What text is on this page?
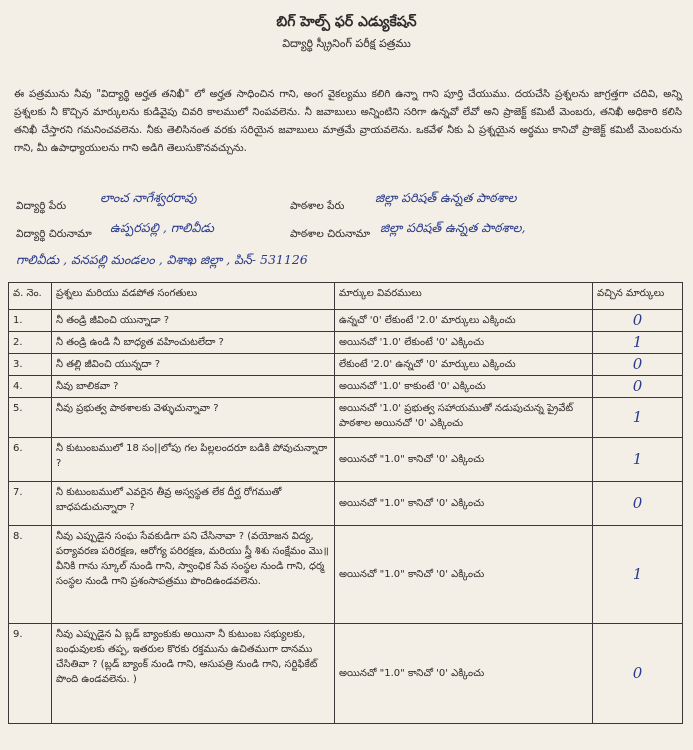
బిగ్ హెల్ప్ ఫర్ ఎడ్యుకేషన్
విద్యార్థి స్క్రీనింగ్ పరీక్ష పత్రము
ఈ పత్రమును నీవు "విద్యార్థి అర్హత తనిఖీ" లో అర్హత సాధించిన గాని, అంగ వైకల్యము కలిగి ఉన్నా గాని పూర్తి చేయుము. దయచేసి ప్రశ్నలను జాగ్రత్తగా చదివి, అన్ని ప్రశ్నలకు నీ కొచ్చిన మార్కులను కుడివైపు చివరి కాలములో నింపవలెను. నీ జవాబులు అన్నింటిని సరిగా ఉన్నవో లేవో అని ప్రాజెక్ట్ కమిటీ మెంబరు, తనిఖీ అధికారి కలిసి తనిఖీ చేస్తారని గమనించవలెను. నీకు తెలిసినంత వరకు సరియైన జవాబులు మాత్రమే వ్రాయవలెను. ఒకవేళ నీకు ఏ ప్రశ్నయైన అర్థము కానిచో ప్రాజెక్ట్ కమిటీ మెంబరును గాని, మీ ఉపాధ్యాయులను గాని అడిగి తెలుసుకొనవచ్చును.
విద్యార్థి పేరు
లాంచ నాగేశ్వరరావు
పాఠశాల పేరు
జిల్లా పరిషత్ ఉన్నత పాఠశాల
విద్యార్థి చిరునామా ఉప్పరపల్లి , గాలివీడు	పాఠశాల చిరునామా జిల్లా పరిషత్ ఉన్నత పాఠశాల,
గాలివీడు , వనపల్లి మండలం , విశాఖ జిల్లా , పిన్- 531126
వ. నెం.	ప్రశ్నలు మరియు వడపోత సంగతులు	మార్కుల వివరములు	వచ్చిన మార్కులు
1.	నీ తండ్రి జీవించి యున్నాడా ?	ఉన్నచో '0' లేకుంటే '2.0' మార్కులు ఎక్కించు	0
2.	నీ తండ్రి ఉండి నీ బాధ్యత వహించుటలేదా ?	అయినచో '1.0' లేకుంటే '0' ఎక్కించు	1
3.	నీ తల్లి జీవించి యున్నదా ?	లేకుంటే '2.0' ఉన్నచో '0' మార్కులు ఎక్కించు	0
4.	నీవు బాలికవా ?	అయినచో '1.0' కాకుంటే '0' ఎక్కించు	0
5.	నీవు ప్రభుత్వ పాఠశాలకు వెళ్ళుచున్నావా ?	అయినచో '1.0' ప్రభుత్వ సహాయముతో నడుపుచున్న ప్రైవేట్ పాఠశాల అయినచో '0' ఎక్కించు	1
6.	నీ కుటుంబములో 18 సం||లోపు గల పిల్లలందరూ బడికి పోవుచున్నారా ?	అయినచో "1.0" కానిచో '0' ఎక్కించు	1
7.	నీ కుటుంబములో ఎవరైన తీవ్ర అస్వస్థత లేక దీర్ఘ రోగముతో బాధపడుచున్నారా ?	అయినచో "1.0" కానిచో '0' ఎక్కించు	0
8.	నీవు ఎప్పుడైన సంఘ సేవకుడిగా పని చేసినావా ? (వయోజన విద్య, పర్యావరణ పరిరక్షణ, ఆరోగ్య పరిరక్షణ, మరియు స్త్రీ శిశు సంక్షేమం మొ॥ వీనికి గాను స్కూల్ నుండి గాని, స్వాంఛిక సేవ సంస్థల నుండి గాని, ధర్మ సంస్థల నుండి గాని ప్రశంసాపత్రము పొందిఉండవలెను.	అయినచో "1.0" కానిచో '0' ఎక్కించు	1
9.	నీవు ఎప్పుడైన ఏ బ్లడ్ బ్యాంకుకు అయినా నీ కుటుంబ సభ్యులకు, బంధువులకు తప్ప, ఇతరుల కొరకు రక్తమును ఉచితముగా దానము చేసితివా ? (బ్లడ్ బ్యాంక్ నుండి గాని, ఆసుపత్రి నుండి గాని, సర్టిఫికేట్ పొంది ఉండవలెను. )	అయినచో "1.0" కానిచో '0' ఎక్కించు	0
